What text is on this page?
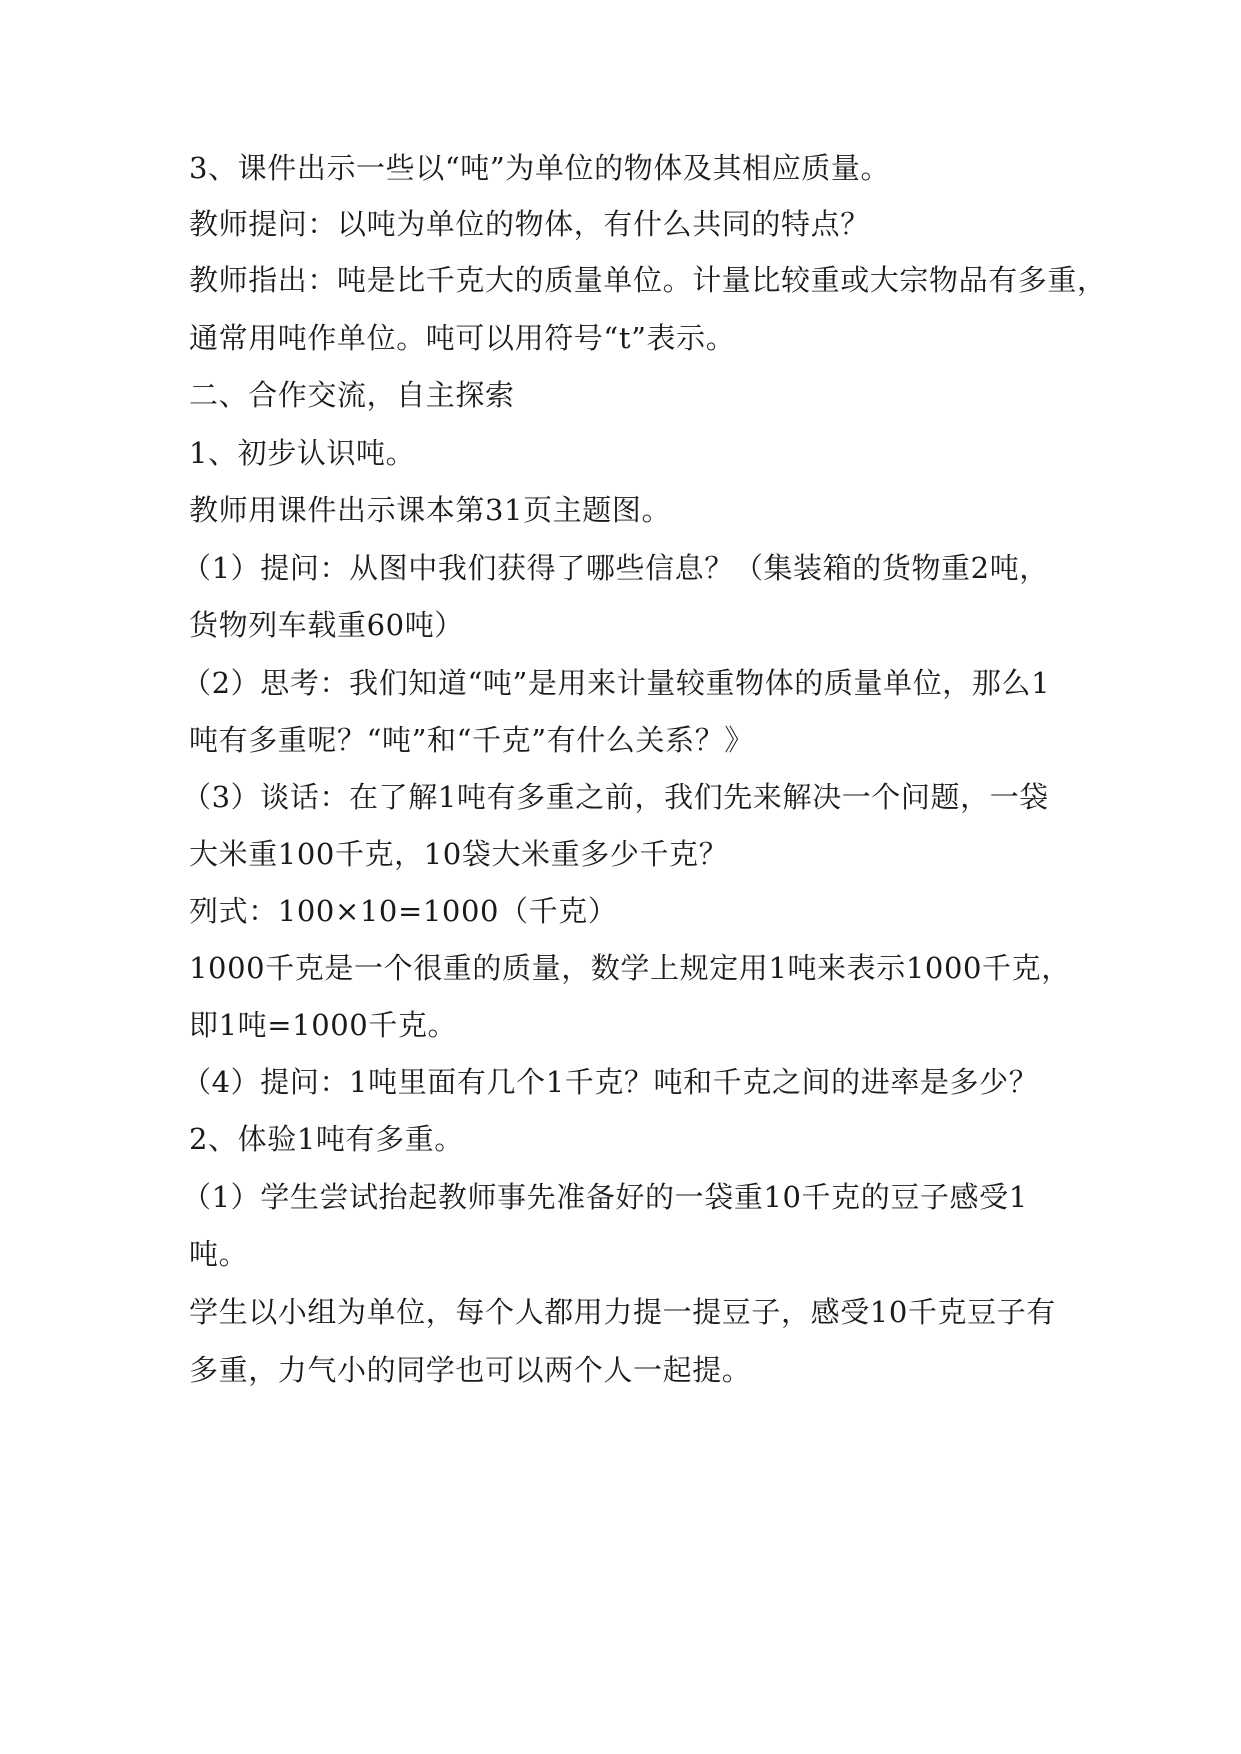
3、课件出示一些以“吨”为单位的物体及其相应质量。
教师提问：以吨为单位的物体，有什么共同的特点？
教师指出：吨是比千克大的质量单位。计量比较重或大宗物品有多重，
通常用吨作单位。吨可以用符号“t”表示。
二、合作交流，自主探索
1、初步认识吨。
教师用课件出示课本第31页主题图。
（1）提问：从图中我们获得了哪些信息？（集装箱的货物重2吨，
货物列车载重60吨）
（2）思考：我们知道“吨”是用来计量较重物体的质量单位，那么1
吨有多重呢？“吨”和“千克”有什么关系？》
（3）谈话：在了解1吨有多重之前，我们先来解决一个问题，一袋
大米重100千克，10袋大米重多少千克？
列式：100×10=1000（千克）
1000千克是一个很重的质量，数学上规定用1吨来表示1000千克，
即1吨=1000千克。
（4）提问：1吨里面有几个1千克？吨和千克之间的进率是多少？
2、体验1吨有多重。
（1）学生尝试抬起教师事先准备好的一袋重10千克的豆子感受1
吨。
学生以小组为单位，每个人都用力提一提豆子，感受10千克豆子有
多重，力气小的同学也可以两个人一起提。
